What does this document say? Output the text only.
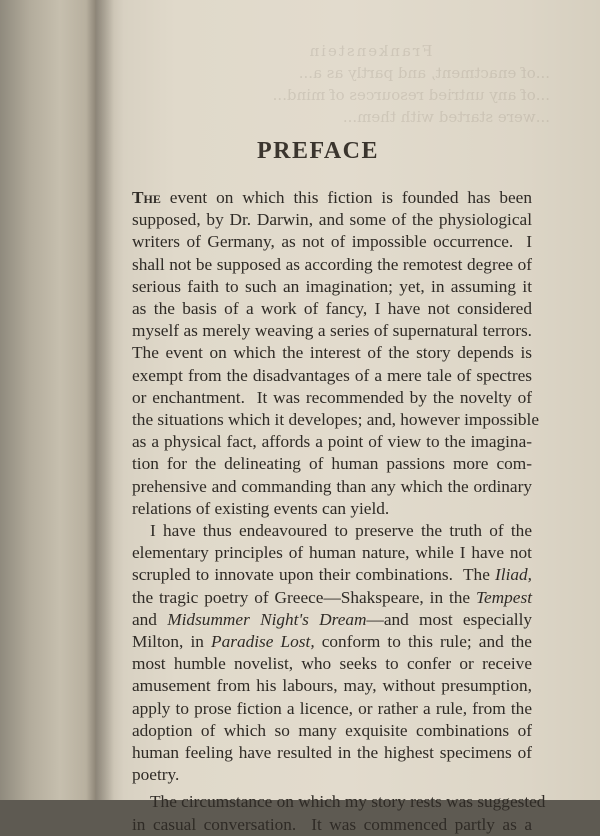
Frankenstein
...of enactment, and partly as a...
...of any untried resources of mind...
...were started with them...
PREFACE
The event on which this fiction is founded has been
supposed, by Dr. Darwin, and some of the physiological
writers of Germany, as not of impossible occurrence.  I
shall not be supposed as according the remotest degree of
serious faith to such an imagination; yet, in assuming it
as the basis of a work of fancy, I have not considered
myself as merely weaving a series of supernatural terrors.
The event on which the interest of the story depends is
exempt from the disadvantages of a mere tale of spectres
or enchantment.  It was recommended by the novelty of
the situations which it developes; and, however impossible
as a physical fact, affords a point of view to the imagina-
tion for the delineating of human passions more com-
prehensive and commanding than any which the ordinary
relations of existing events can yield.
I have thus endeavoured to preserve the truth of the
elementary principles of human nature, while I have not
scrupled to innovate upon their combinations.  The Iliad,
the tragic poetry of Greece—Shakspeare, in the Tempest
and Midsummer Night's Dream—and most especially
Milton, in Paradise Lost, conform to this rule; and the
most humble novelist, who seeks to confer or receive
amusement from his labours, may, without presumption,
apply to prose fiction a licence, or rather a rule, from the
adoption of which so many exquisite combinations of
human feeling have resulted in the highest specimens of
poetry.
The circumstance on which my story rests was suggested
in casual conversation.  It was commenced partly as a
